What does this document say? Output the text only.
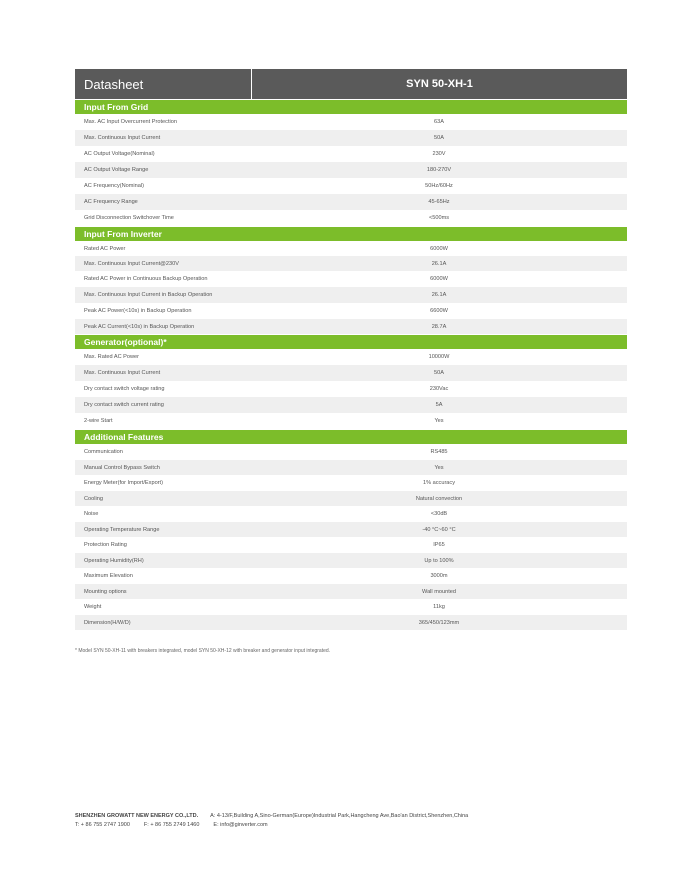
Datasheet	SYN 50-XH-1
Input From Grid
Max. AC Input Overcurrent Protection	63A
Max. Continuous Input Current	50A
AC Output Voltage(Nominal)	230V
AC Output Voltage Range	180-270V
AC Frequency(Nominal)	50Hz/60Hz
AC Frequency Range	45-65Hz
Grid Disconnection Switchover Time	<500ms
Input From Inverter
Rated AC Power	6000W
Max. Continuous Input Current@230V	26.1A
Rated AC Power in Continuous Backup Operation	6000W
Max. Continuous Input Current in Backup Operation	26.1A
Peak AC Power(<10s) in Backup Operation	6600W
Peak AC Current(<10s) in Backup Operation	28.7A
Generator(optional)*
Max. Rated AC Power	10000W
Max. Continuous Input Current	50A
Dry contact switch voltage rating	230Vac
Dry contact switch current rating	5A
2-wire Start	Yes
Additional Features
Communication	RS485
Manual Control Bypass Switch	Yes
Energy Meter(for Import/Export)	1% accuracy
Cooling	Natural convection
Noise	<30dB
Operating Temperature Range	-40 °C~60 °C
Protection Rating	IP65
Operating Humidity(RH)	Up to 100%
Maximum Elevation	3000m
Mounting options	Wall mounted
Weight	11kg
Dimension(H/W/D)	365/450/123mm
* Model SYN 50-XH-11 with breakers integrated, model SYN 50-XH-12 with breaker and generator input integrated.
SHENZHEN GROWATT NEW ENERGY CO.,LTD. A: 4-13/F,Building A,Sino-German(Europe)Industrial Park,Hangcheng Ave,Bao'an District,Shenzhen,China
T: + 86 755 2747 1900	F: + 86 755 2749 1460	E: info@ginverter.com
